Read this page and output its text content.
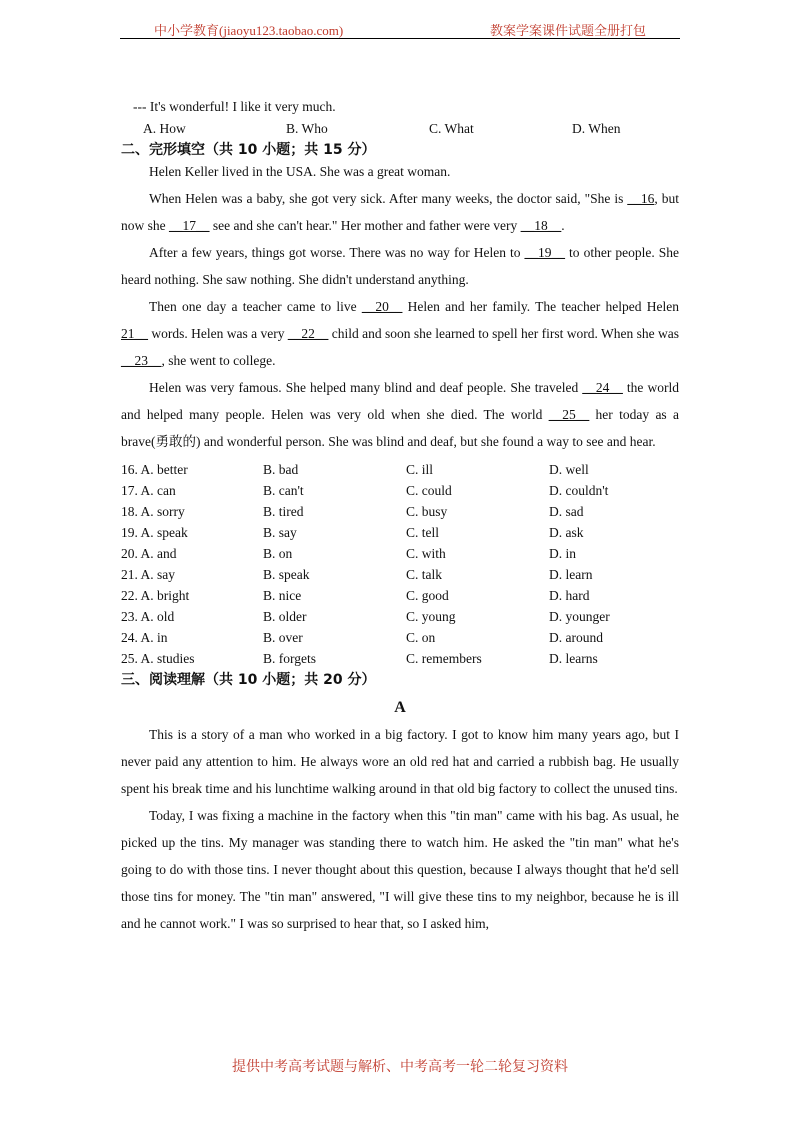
中小学教育(jiaoyu123.taobao.com)	教案学案课件试题全册打包

--- It's wonderful! I like it very much.

A. How	B. Who	C. What	D. When

二、完形填空（共 10 小题；共 15 分）

Helen Keller lived in the USA. She was a great woman.

When Helen was a baby, she got very sick. After many weeks, the doctor said, "She is __16, but now she __17__ see and she can't hear." Her mother and father were very __18__.

After a few years, things got worse. There was no way for Helen to __19__ to other people. She heard nothing. She saw nothing. She didn't understand anything.

Then one day a teacher came to live __20__ Helen and her family. The teacher helped Helen 21__ words. Helen was a very __22__ child and soon she learned to spell her first word. When she was __23__, she went to college.

Helen was very famous. She helped many blind and deaf people. She traveled __24__ the world and helped many people. Helen was very old when she died. The world __25__ her today as a brave(勇敢的) and wonderful person. She was blind and deaf, but she found a way to see and hear.

16. A. better	B. bad	C. ill	D. well
17. A. can	B. can't	C. could	D. couldn't
18. A. sorry	B. tired	C. busy	D. sad
19. A. speak	B. say	C. tell	D. ask
20. A. and	B. on	C. with	D. in
21. A. say	B. speak	C. talk	D. learn
22. A. bright	B. nice	C. good	D. hard
23. A. old	B. older	C. young	D. younger
24. A. in	B. over	C. on	D. around
25. A. studies	B. forgets	C. remembers	D. learns

三、阅读理解（共 10 小题；共 20 分）

A

This is a story of a man who worked in a big factory. I got to know him many years ago, but I never paid any attention to him. He always wore an old red hat and carried a rubbish bag. He usually spent his break time and his lunchtime walking around in that old big factory to collect the unused tins.

Today, I was fixing a machine in the factory when this "tin man" came with his bag. As usual, he picked up the tins. My manager was standing there to watch him. He asked the "tin man" what he's going to do with those tins. I never thought about this question, because I always thought that he'd sell those tins for money. The "tin man" answered, "I will give these tins to my neighbor, because he is ill and he cannot work." I was so surprised to hear that, so I asked him,

提供中考高考试题与解析、中考高考一轮二轮复习资料
